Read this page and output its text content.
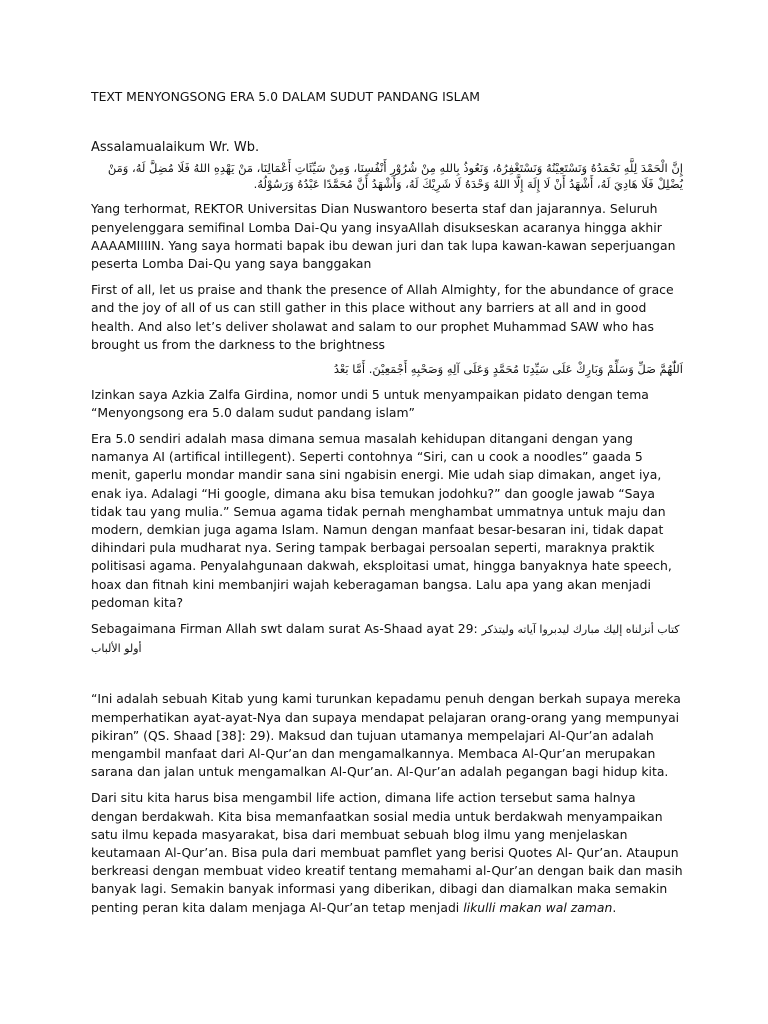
TEXT MENYONGSONG ERA 5.0 DALAM SUDUT PANDANG ISLAM
Assalamualaikum Wr. Wb.
إِنَّ الْحَمْدَ لِلَّهِ نَحْمَدُهُ وَنَسْتَعِيْنُهُ وَنَسْتَغْفِرُهُ، وَنَعُوذُ بِاللهِ مِنْ شُرُوْرِ أَنْفُسِنَا، وَمِنْ سَيِّئَاتِ أَعْمَالِنَا، مَنْ يَهْدِهِ اللهُ فَلَا مُضِلَّ لَهُ، وَمَنْ يُضْلِلْ فَلَا هَادِيَ لَهُ، أَشْهَدُ أَنْ لَا إِلَهَ إِلَّا اللهُ وَحْدَهُ لَا شَرِيْكَ لَهُ، وَأَشْهَدُ أَنَّ مُحَمَّدًا عَبْدُهُ وَرَسُوْلُهُ.

Yang terhormat, REKTOR Universitas Dian Nuswantoro beserta staf dan jajarannya. Seluruh penyelenggara semifinal Lomba Dai-Qu yang insyaAllah disukseskan acaranya hingga akhir AAAAMIIIIN. Yang saya hormati bapak ibu dewan juri dan tak lupa kawan-kawan seperjuangan peserta Lomba Dai-Qu yang saya banggakan

First of all, let us praise and thank the presence of Allah Almighty, for the abundance of grace and the joy of all of us can still gather in this place without any barriers at all and in good health. And also let’s deliver sholawat and salam to our prophet Muhammad SAW who has brought us from the darkness to the brightness

اَللّٰهُمَّ صَلِّ وَسَلِّمْ وَبَارِكْ عَلَى سَيِّدِنَا مُحَمَّدٍ وَعَلَى آلِهِ وَصَحْبِهِ أَجْمَعِيْنَ. أَمَّا بَعْدُ

Izinkan saya Azkia Zalfa Girdina, nomor undi 5 untuk menyampaikan pidato dengan tema “Menyongsong era 5.0 dalam sudut pandang islam”

Era 5.0 sendiri adalah masa dimana semua masalah kehidupan ditangani dengan yang namanya AI (artifical intillegent). Seperti contohnya “Siri, can u cook a noodles” gaada 5 menit, gaperlu mondar mandir sana sini ngabisin energi. Mie udah siap dimakan, anget iya, enak iya. Adalagi “Hi google, dimana aku bisa temukan jodohku?” dan google jawab “Saya tidak tau yang mulia.” Semua agama tidak pernah menghambat ummatnya untuk maju dan modern, demkian juga agama Islam. Namun dengan manfaat besar-besaran ini, tidak dapat dihindari pula mudharat nya. Sering tampak berbagai persoalan seperti, maraknya praktik politisasi agama. Penyalahgunaan dakwah, eksploitasi umat, hingga banyaknya hate speech, hoax dan fitnah kini membanjiri wajah keberagaman bangsa. Lalu apa yang akan menjadi pedoman kita?

Sebagaimana Firman Allah swt dalam surat As-Shaad ayat 29: كتاب أنزلناه إليك مبارك ليدبروا آياته وليتذكر أولو الألباب

“Ini adalah sebuah Kitab yung kami turunkan kepadamu penuh dengan berkah supaya mereka memperhatikan ayat-ayat-Nya dan supaya mendapat pelajaran orang-orang yang mempunyai pikiran” (QS. Shaad [38]: 29). Maksud dan tujuan utamanya mempelajari Al-Qur’an adalah mengambil manfaat dari Al-Qur’an dan mengamalkannya. Membaca Al-Qur’an merupakan sarana dan jalan untuk mengamalkan Al-Qur’an. Al-Qur’an adalah pegangan bagi hidup kita.

Dari situ kita harus bisa mengambil life action, dimana life action tersebut sama halnya dengan berdakwah. Kita bisa memanfaatkan sosial media untuk berdakwah menyampaikan satu ilmu kepada masyarakat, bisa dari membuat sebuah blog ilmu yang menjelaskan keutamaan Al-Qur’an. Bisa pula dari membuat pamflet yang berisi Quotes Al- Qur’an. Ataupun berkreasi dengan membuat video kreatif tentang memahami al-Qur’an dengan baik dan masih banyak lagi. Semakin banyak informasi yang diberikan, dibagi dan diamalkan maka semakin penting peran kita dalam menjaga Al-Qur’an tetap menjadi likulli makan wal zaman.
